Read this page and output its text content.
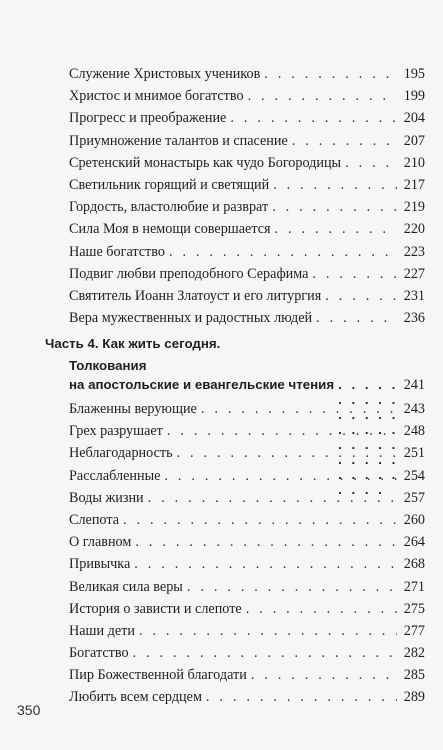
Служение Христовых учеников . . .	195
Христос и мнимое богатство . . .	199
Прогресс и преображение . . .	204
Приумножение талантов и спасение . . .	207
Сретенский монастырь как чудо Богородицы . . .	210
Светильник горящий и светящий . . .	217
Гордость, властолюбие и разврат . . .	219
Сила Моя в немощи совершается . . .	220
Наше богатство . . .	223
Подвиг любви преподобного Серафима . . .	227
Святитель Иоанн Златоуст и его литургия . . .	231
Вера мужественных и радостных людей . . .	236
Часть 4. Как жить сегодня.
Толкования
на апостольские и евангельские чтения . . .	241
Блаженны верующие . . .	243
Грех разрушает . . .	248
Неблагодарность . . .	251
Расслабленные . . .	254
Воды жизни . . .	257
Слепота . . .	260
О главном . . .	264
Привычка . . .	268
Великая сила веры . . .	271
История о зависти и слепоте . . .	275
Наши дети . . .	277
Богатство . . .	282
Пир Божественной благодати . . .	285
Любить всем сердцем . . .	289
350
